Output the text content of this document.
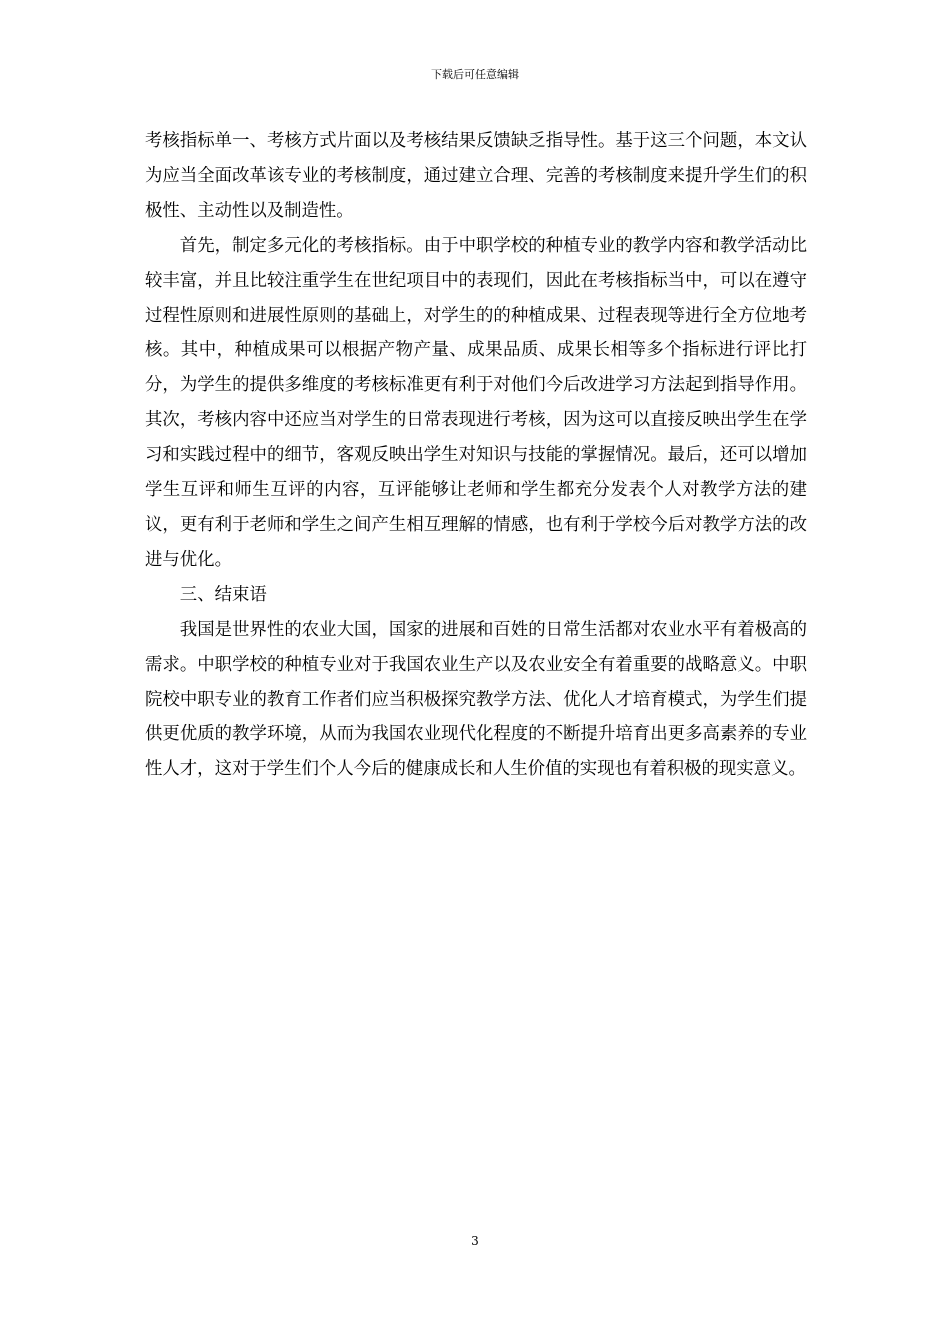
下载后可任意编辑

考核指标单一、考核方式片面以及考核结果反馈缺乏指导性。基于这三个问题，本文认为应当全面改革该专业的考核制度，通过建立合理、完善的考核制度来提升学生们的积极性、主动性以及制造性。

首先，制定多元化的考核指标。由于中职学校的种植专业的教学内容和教学活动比较丰富，并且比较注重学生在世纪项目中的表现们，因此在考核指标当中，可以在遵守过程性原则和进展性原则的基础上，对学生的的种植成果、过程表现等进行全方位地考核。其中，种植成果可以根据产物产量、成果品质、成果长相等多个指标进行评比打分，为学生的提供多维度的考核标准更有利于对他们今后改进学习方法起到指导作用。其次，考核内容中还应当对学生的日常表现进行考核，因为这可以直接反映出学生在学习和实践过程中的细节，客观反映出学生对知识与技能的掌握情况。最后，还可以增加学生互评和师生互评的内容，互评能够让老师和学生都充分发表个人对教学方法的建议，更有利于老师和学生之间产生相互理解的情感，也有利于学校今后对教学方法的改进与优化。

三、结束语

我国是世界性的农业大国，国家的进展和百姓的日常生活都对农业水平有着极高的需求。中职学校的种植专业对于我国农业生产以及农业安全有着重要的战略意义。中职院校中职专业的教育工作者们应当积极探究教学方法、优化人才培育模式，为学生们提供更优质的教学环境，从而为我国农业现代化程度的不断提升培育出更多高素养的专业性人才，这对于学生们个人今后的健康成长和人生价值的实现也有着积极的现实意义。

3
